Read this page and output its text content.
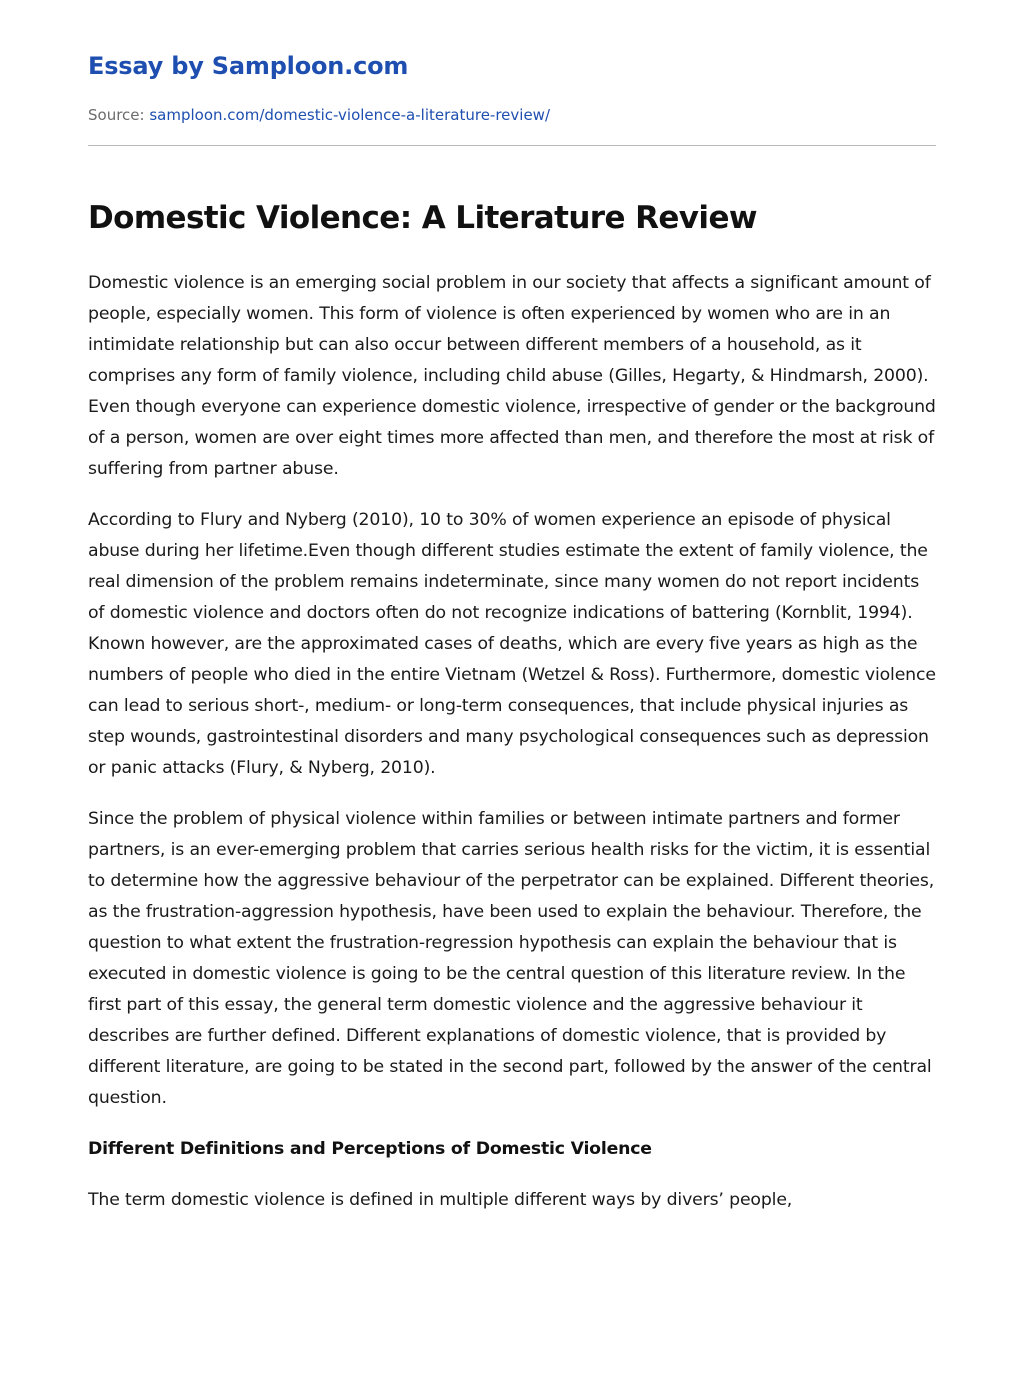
Essay by Samploon.com
Source: samploon.com/domestic-violence-a-literature-review/
Domestic Violence: A Literature Review

Domestic violence is an emerging social problem in our society that affects a significant amount of people, especially women. This form of violence is often experienced by women who are in an intimidate relationship but can also occur between different members of a household, as it comprises any form of family violence, including child abuse (Gilles, Hegarty, & Hindmarsh, 2000). Even though everyone can experience domestic violence, irrespective of gender or the background of a person, women are over eight times more affected than men, and therefore the most at risk of suffering from partner abuse.

According to Flury and Nyberg (2010), 10 to 30% of women experience an episode of physical abuse during her lifetime.Even though different studies estimate the extent of family violence, the real dimension of the problem remains indeterminate, since many women do not report incidents of domestic violence and doctors often do not recognize indications of battering (Kornblit, 1994). Known however, are the approximated cases of deaths, which are every five years as high as the numbers of people who died in the entire Vietnam (Wetzel & Ross). Furthermore, domestic violence can lead to serious short-, medium- or long-term consequences, that include physical injuries as step wounds, gastrointestinal disorders and many psychological consequences such as depression or panic attacks (Flury, & Nyberg, 2010).

Since the problem of physical violence within families or between intimate partners and former partners, is an ever-emerging problem that carries serious health risks for the victim, it is essential to determine how the aggressive behaviour of the perpetrator can be explained. Different theories, as the frustration-aggression hypothesis, have been used to explain the behaviour. Therefore, the question to what extent the frustration-regression hypothesis can explain the behaviour that is executed in domestic violence is going to be the central question of this literature review. In the first part of this essay, the general term domestic violence and the aggressive behaviour it describes are further defined. Different explanations of domestic violence, that is provided by different literature, are going to be stated in the second part, followed by the answer of the central question.

Different Definitions and Perceptions of Domestic Violence

The term domestic violence is defined in multiple different ways by divers’ people,
